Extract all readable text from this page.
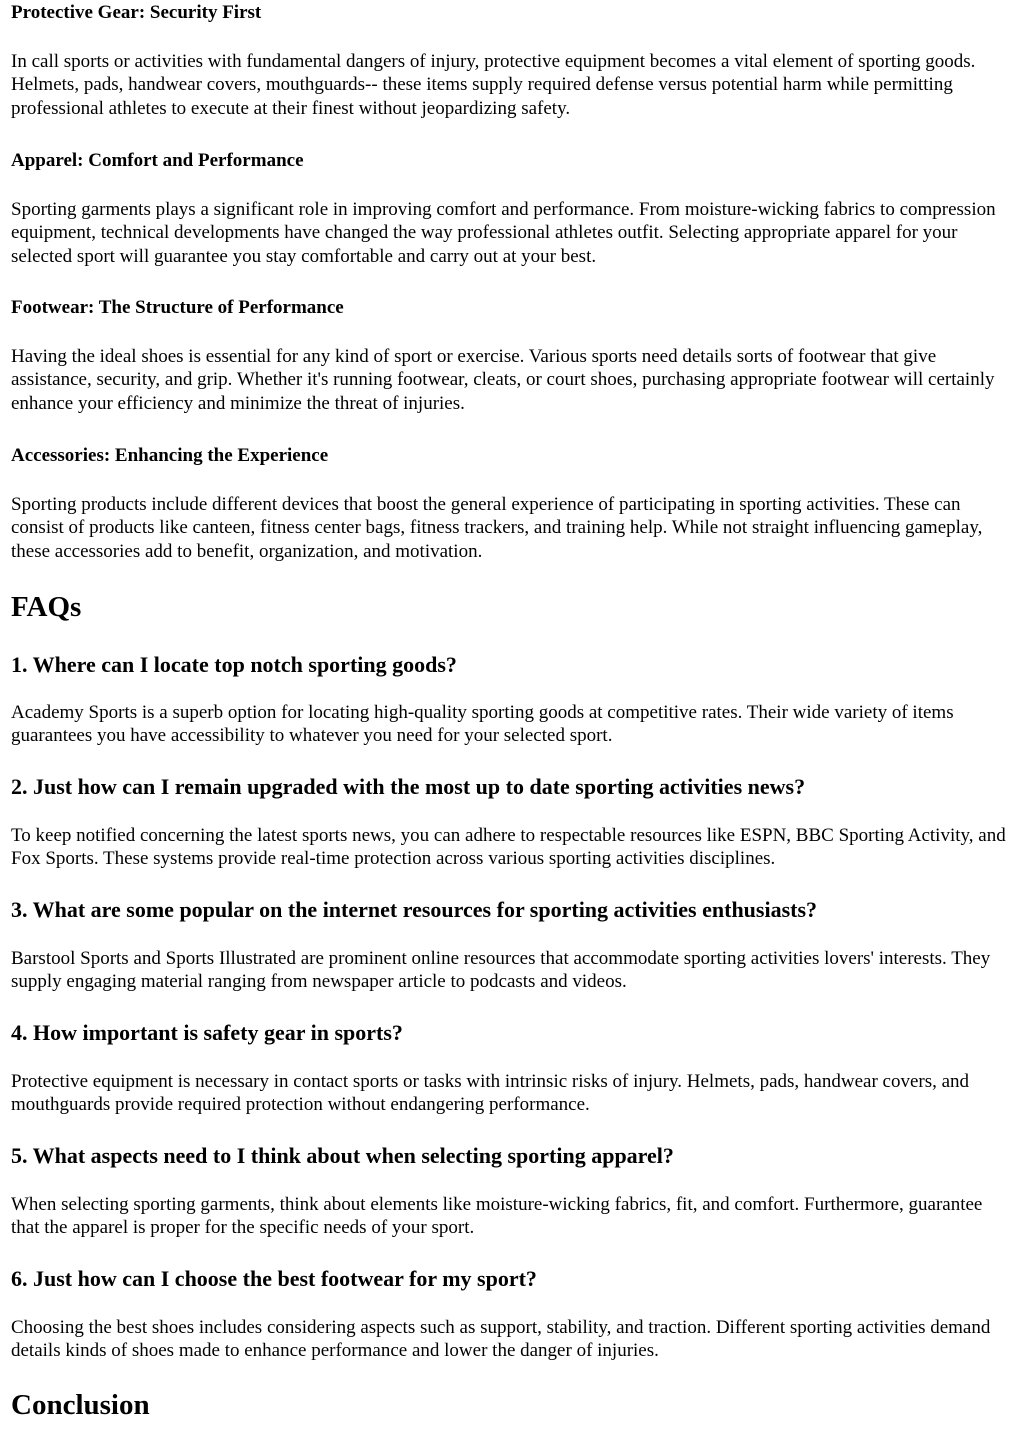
Protective Gear: Security First

In call sports or activities with fundamental dangers of injury, protective equipment becomes a vital element of sporting goods. Helmets, pads, handwear covers, mouthguards-- these items supply required defense versus potential harm while permitting professional athletes to execute at their finest without jeopardizing safety.

Apparel: Comfort and Performance

Sporting garments plays a significant role in improving comfort and performance. From moisture-wicking fabrics to compression equipment, technical developments have changed the way professional athletes outfit. Selecting appropriate apparel for your selected sport will guarantee you stay comfortable and carry out at your best.

Footwear: The Structure of Performance

Having the ideal shoes is essential for any kind of sport or exercise. Various sports need details sorts of footwear that give assistance, security, and grip. Whether it's running footwear, cleats, or court shoes, purchasing appropriate footwear will certainly enhance your efficiency and minimize the threat of injuries.

Accessories: Enhancing the Experience

Sporting products include different devices that boost the general experience of participating in sporting activities. These can consist of products like canteen, fitness center bags, fitness trackers, and training help. While not straight influencing gameplay, these accessories add to benefit, organization, and motivation.

FAQs
1. Where can I locate top notch sporting goods?

Academy Sports is a superb option for locating high-quality sporting goods at competitive rates. Their wide variety of items guarantees you have accessibility to whatever you need for your selected sport.

2. Just how can I remain upgraded with the most up to date sporting activities news?

To keep notified concerning the latest sports news, you can adhere to respectable resources like ESPN, BBC Sporting Activity, and Fox Sports. These systems provide real-time protection across various sporting activities disciplines.

3. What are some popular on the internet resources for sporting activities enthusiasts?

Barstool Sports and Sports Illustrated are prominent online resources that accommodate sporting activities lovers' interests. They supply engaging material ranging from newspaper article to podcasts and videos.

4. How important is safety gear in sports?

Protective equipment is necessary in contact sports or tasks with intrinsic risks of injury. Helmets, pads, handwear covers, and mouthguards provide required protection without endangering performance.

5. What aspects need to I think about when selecting sporting apparel?

When selecting sporting garments, think about elements like moisture-wicking fabrics, fit, and comfort. Furthermore, guarantee that the apparel is proper for the specific needs of your sport.

6. Just how can I choose the best footwear for my sport?

Choosing the best shoes includes considering aspects such as support, stability, and traction. Different sporting activities demand details kinds of shoes made to enhance performance and lower the danger of injuries.

Conclusion
